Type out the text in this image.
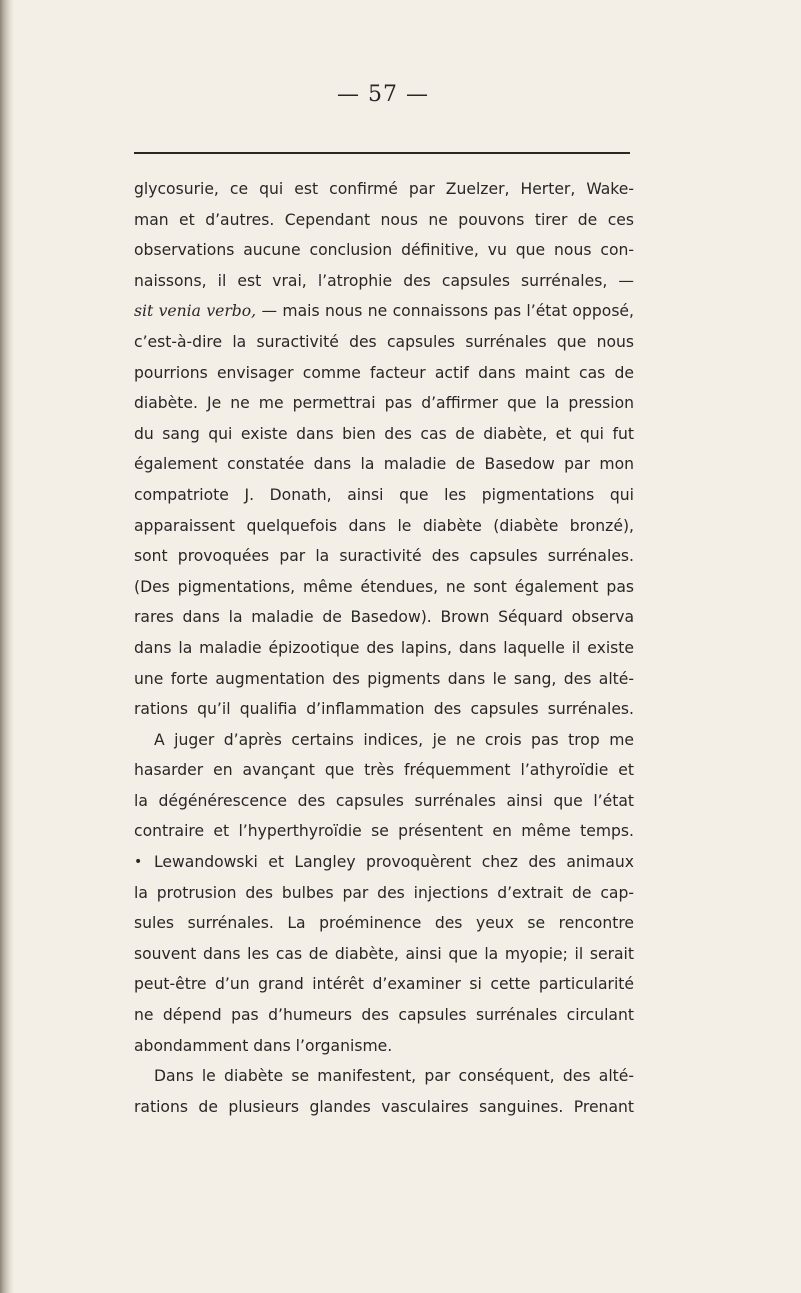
— 57 —
glycosurie, ce qui est confirmé par Zuelzer, Herter, Wake-
man et d’autres. Cependant nous ne pouvons tirer de ces
observations aucune conclusion définitive, vu que nous con-
naissons, il est vrai, l’atrophie des capsules surrénales, —
sit venia verbo, — mais nous ne connaissons pas l’état opposé,
c’est-à-dire la suractivité des capsules surrénales que nous
pourrions envisager comme facteur actif dans maint cas de
diabète. Je ne me permettrai pas d’affirmer que la pression
du sang qui existe dans bien des cas de diabète, et qui fut
également constatée dans la maladie de Basedow par mon
compatriote J. Donath, ainsi que les pigmentations qui
apparaissent quelquefois dans le diabète (diabète bronzé),
sont provoquées par la suractivité des capsules surrénales.
(Des pigmentations, même étendues, ne sont également pas
rares dans la maladie de Basedow). Brown Séquard observa
dans la maladie épizootique des lapins, dans laquelle il existe
une forte augmentation des pigments dans le sang, des alté-
rations qu’il qualifia d’inflammation des capsules surrénales.
A juger d’après certains indices, je ne crois pas trop me
hasarder en avançant que très fréquemment l’athyroïdie et
la dégénérescence des capsules surrénales ainsi que l’état
contraire et l’hyperthyroïdie se présentent en même temps.
• Lewandowski et Langley provoquèrent chez des animaux
la protrusion des bulbes par des injections d’extrait de cap-
sules surrénales. La proéminence des yeux se rencontre
souvent dans les cas de diabète, ainsi que la myopie; il serait
peut-être d’un grand intérêt d’examiner si cette particularité
ne dépend pas d’humeurs des capsules surrénales circulant
abondamment dans l’organisme.
Dans le diabète se manifestent, par conséquent, des alté-
rations de plusieurs glandes vasculaires sanguines. Prenant
